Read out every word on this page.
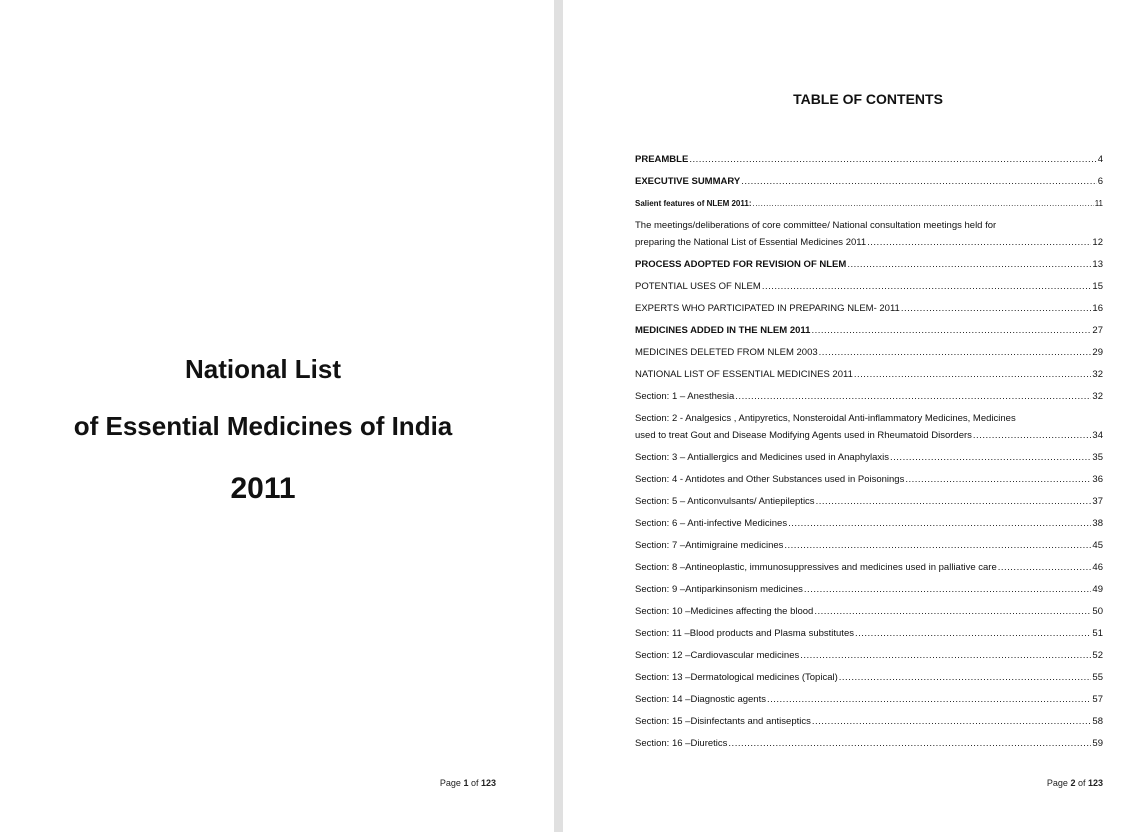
National List
of Essential Medicines of India
2011
Page 1 of 123
TABLE OF CONTENTS
PREAMBLE .....	4
EXECUTIVE SUMMARY .....	6
Salient features of NLEM 2011: .....	11
The meetings/deliberations of core committee/ National consultation meetings held for
preparing the National List of Essential Medicines 2011 .....	12
PROCESS ADOPTED FOR REVISION OF NLEM .....	13
POTENTIAL USES OF NLEM .....	15
EXPERTS WHO PARTICIPATED IN PREPARING NLEM- 2011 .....	16
MEDICINES ADDED IN THE NLEM 2011 .....	27
MEDICINES DELETED FROM NLEM 2003 .....	29
NATIONAL LIST OF ESSENTIAL MEDICINES 2011 .....	32
Section: 1 – Anesthesia .....	32
Section: 2 - Analgesics , Antipyretics, Nonsteroidal Anti-inflammatory Medicines, Medicines
used to treat Gout and Disease Modifying Agents used in Rheumatoid Disorders .....	34
Section: 3 – Antiallergics and Medicines used in Anaphylaxis .....	35
Section: 4 - Antidotes and Other Substances used in Poisonings .....	36
Section: 5 – Anticonvulsants/ Antiepileptics .....	37
Section: 6 – Anti-infective Medicines .....	38
Section: 7 –Antimigraine medicines .....	45
Section: 8 –Antineoplastic, immunosuppressives and medicines used in palliative care .....	46
Section: 9 –Antiparkinsonism medicines .....	49
Section: 10 –Medicines affecting the blood .....	50
Section: 11 –Blood products and Plasma substitutes .....	51
Section: 12 –Cardiovascular medicines .....	52
Section: 13 –Dermatological medicines (Topical) .....	55
Section: 14 –Diagnostic agents .....	57
Section: 15 –Disinfectants and antiseptics .....	58
Section: 16 –Diuretics .....	59
Page 2 of 123
